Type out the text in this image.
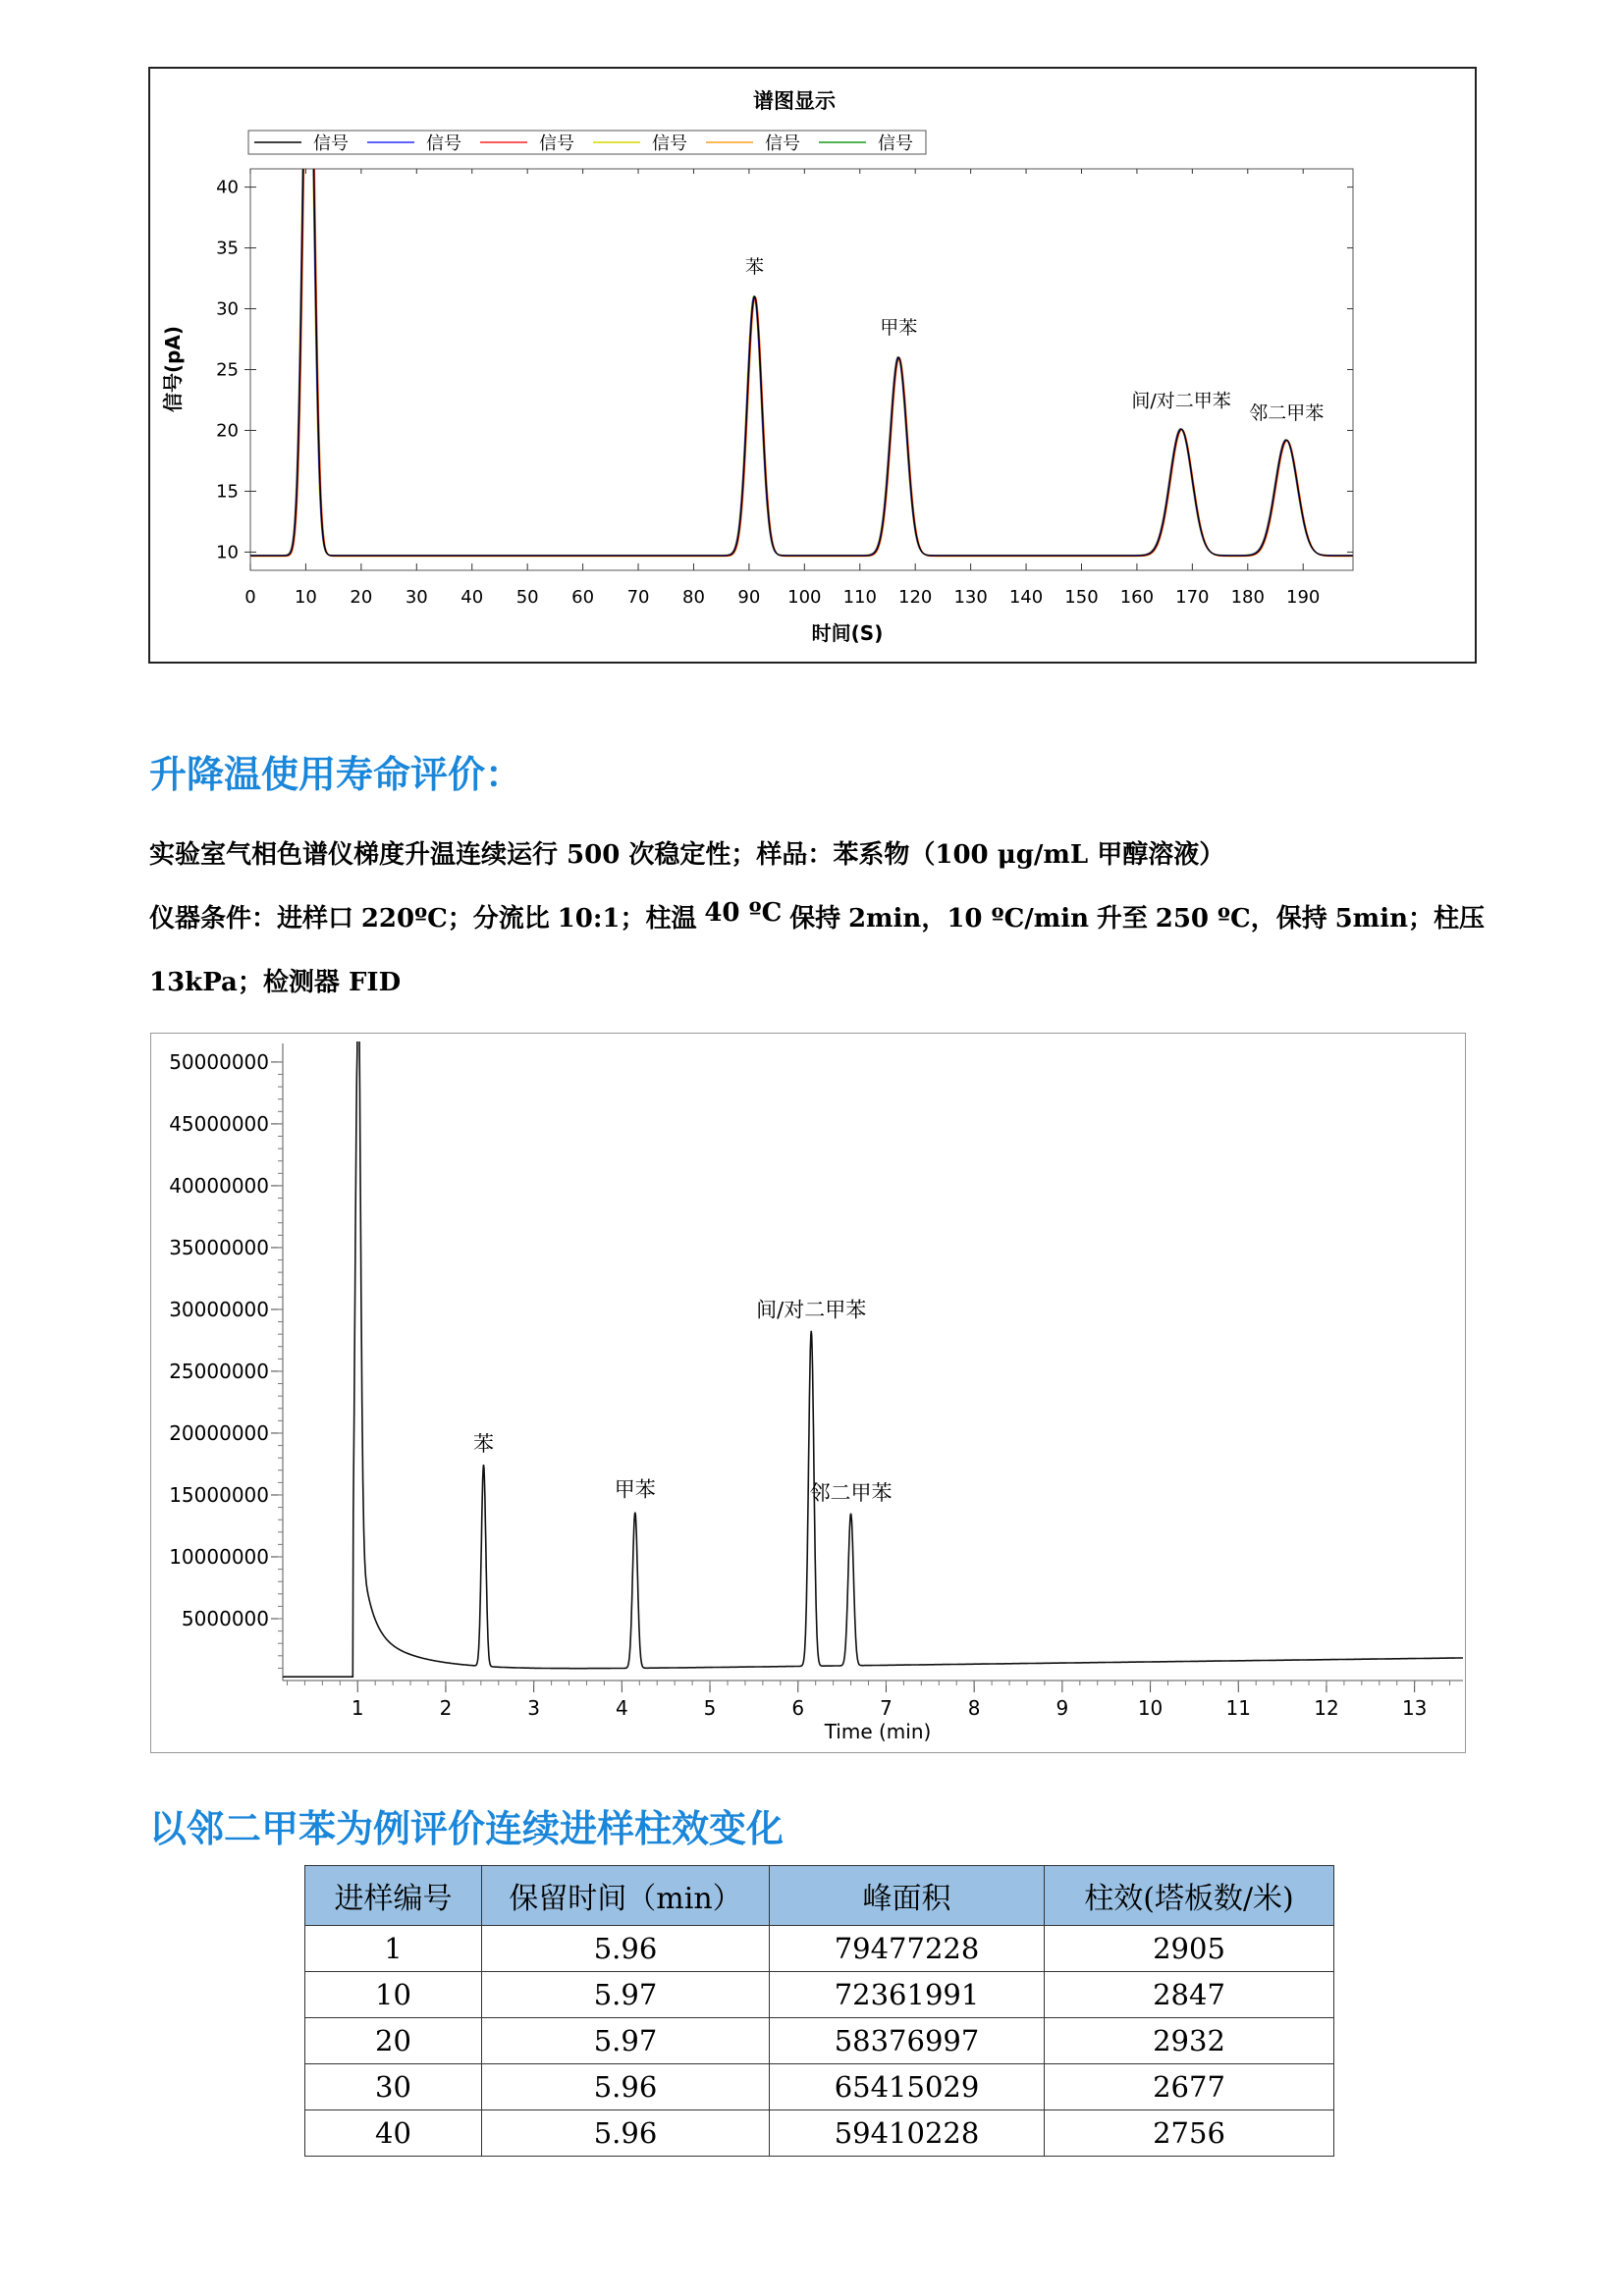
谱图显示
信号	信号	信号	信号	信号	信号
10
15
20
25
30
35
40
0 10 20 30 40 50 60 70 80 90 100 110 120 130 140 150 160 170 180 190
时间(S)
信号(pA)
苯
甲苯
间/对二甲苯
邻二甲苯
升降温使用寿命评价：

实验室气相色谱仪梯度升温连续运行 500 次稳定性；样品：苯系物（100 μg/mL 甲醇溶液）

仪器条件：进样口 220ºC；分流比 10:1；柱温 40 ºC 保持 2min，10 ºC/min 升至 250 ºC，保持 5min；柱压

13kPa；检测器 FID

50000000
45000000
40000000
35000000
30000000
25000000
20000000
15000000
10000000
5000000
1	2	3	4	5	6	7	8	9	10	11	12	13
Time (min)
苯
甲苯
间/对二甲苯
邻二甲苯
以邻二甲苯为例评价连续进样柱效变化
进样编号	保留时间（min）	峰面积	柱效(塔板数/米)
1	5.96	79477228	2905
10	5.97	72361991	2847
20	5.97	58376997	2932
30	5.96	65415029	2677
40	5.96	59410228	2756
